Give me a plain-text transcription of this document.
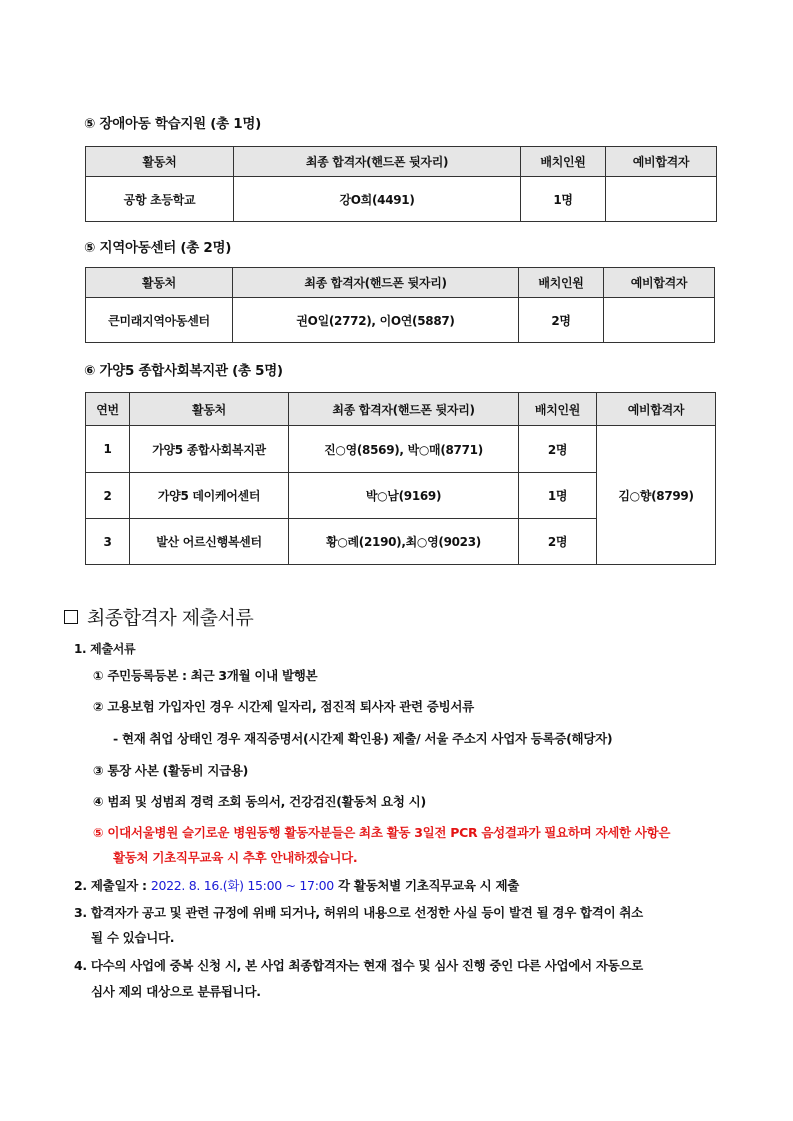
⑤ 장애아동 학습지원 (총 1명)
활동처	최종 합격자(핸드폰 뒷자리)	배치인원	예비합격자
공항 초등학교	강O희(4491)	1명	
⑤ 지역아동센터 (총 2명)
활동처	최종 합격자(핸드폰 뒷자리)	배치인원	예비합격자
큰미래지역아동센터	권O일(2772), 이O연(5887)	2명	
⑥ 가양5 종합사회복지관 (총 5명)
연번	활동처	최종 합격자(핸드폰 뒷자리)	배치인원	예비합격자
1	가양5 종합사회복지관	진○영(8569), 박○매(8771)	2명	김○향(8799)
2	가양5 데이케어센터	박○남(9169)	1명	
3	발산 어르신행복센터	황○례(2190),최○영(9023)	2명	
최종합격자 제출서류
1. 제출서류
① 주민등록등본 : 최근 3개월 이내 발행본
② 고용보험 가입자인 경우 시간제 일자리, 점진적 퇴사자 관련 증빙서류
- 현재 취업 상태인 경우 재직증명서(시간제 확인용) 제출/ 서울 주소지 사업자 등록증(해당자)
③ 통장 사본 (활동비 지급용)
④ 범죄 및 성범죄 경력 조회 동의서, 건강검진(활동처 요청 시)
⑤ 이대서울병원 슬기로운 병원동행 활동자분들은 최초 활동 3일전 PCR 음성결과가 필요하며 자세한 사항은
활동처 기초직무교육 시 추후 안내하겠습니다.
2. 제출일자 : 2022. 8. 16.(화) 15:00 ~ 17:00 각 활동처별 기초직무교육 시 제출
3. 합격자가 공고 및 관련 규정에 위배 되거나, 허위의 내용으로 선정한 사실 등이 발견 될 경우 합격이 취소
될 수 있습니다.
4. 다수의 사업에 중복 신청 시, 본 사업 최종합격자는 현재 접수 및 심사 진행 중인 다른 사업에서 자동으로
심사 제외 대상으로 분류됩니다.
